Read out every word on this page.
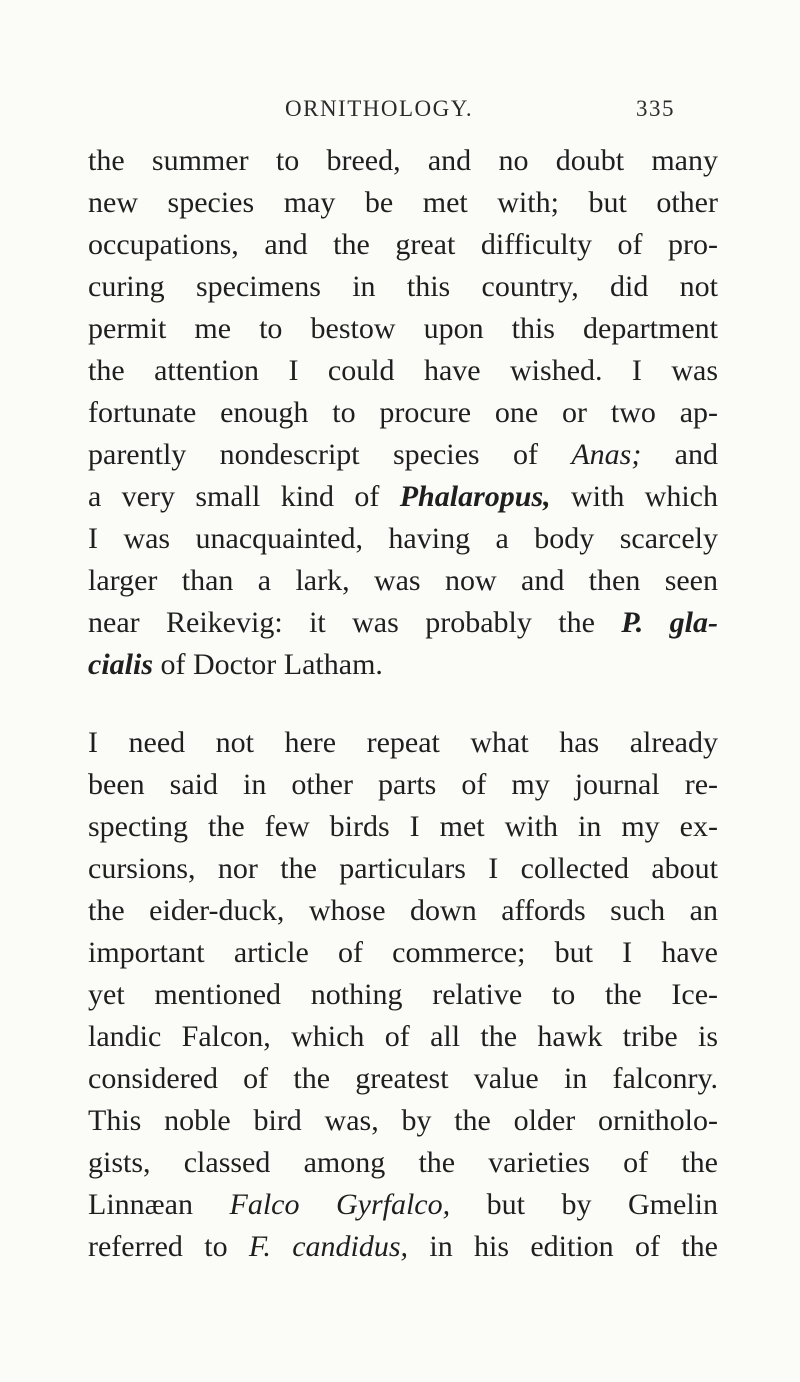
ORNITHOLOGY.	335
the summer to breed, and no doubt many
new species may be met with; but other
occupations, and the great difficulty of pro-
curing specimens in this country, did not
permit me to bestow upon this department
the attention I could have wished. I was
fortunate enough to procure one or two ap-
parently nondescript species of Anas; and
a very small kind of Phalaropus, with which
I was unacquainted, having a body scarcely
larger than a lark, was now and then seen
near Reikevig: it was probably the P. gla-
cialis of Doctor Latham.
I need not here repeat what has already
been said in other parts of my journal re-
specting the few birds I met with in my ex-
cursions, nor the particulars I collected about
the eider-duck, whose down affords such an
important article of commerce; but I have
yet mentioned nothing relative to the Ice-
landic Falcon, which of all the hawk tribe is
considered of the greatest value in falconry.
This noble bird was, by the older ornitholo-
gists, classed among the varieties of the
Linnæan Falco Gyrfalco, but by Gmelin
referred to F. candidus, in his edition of the
